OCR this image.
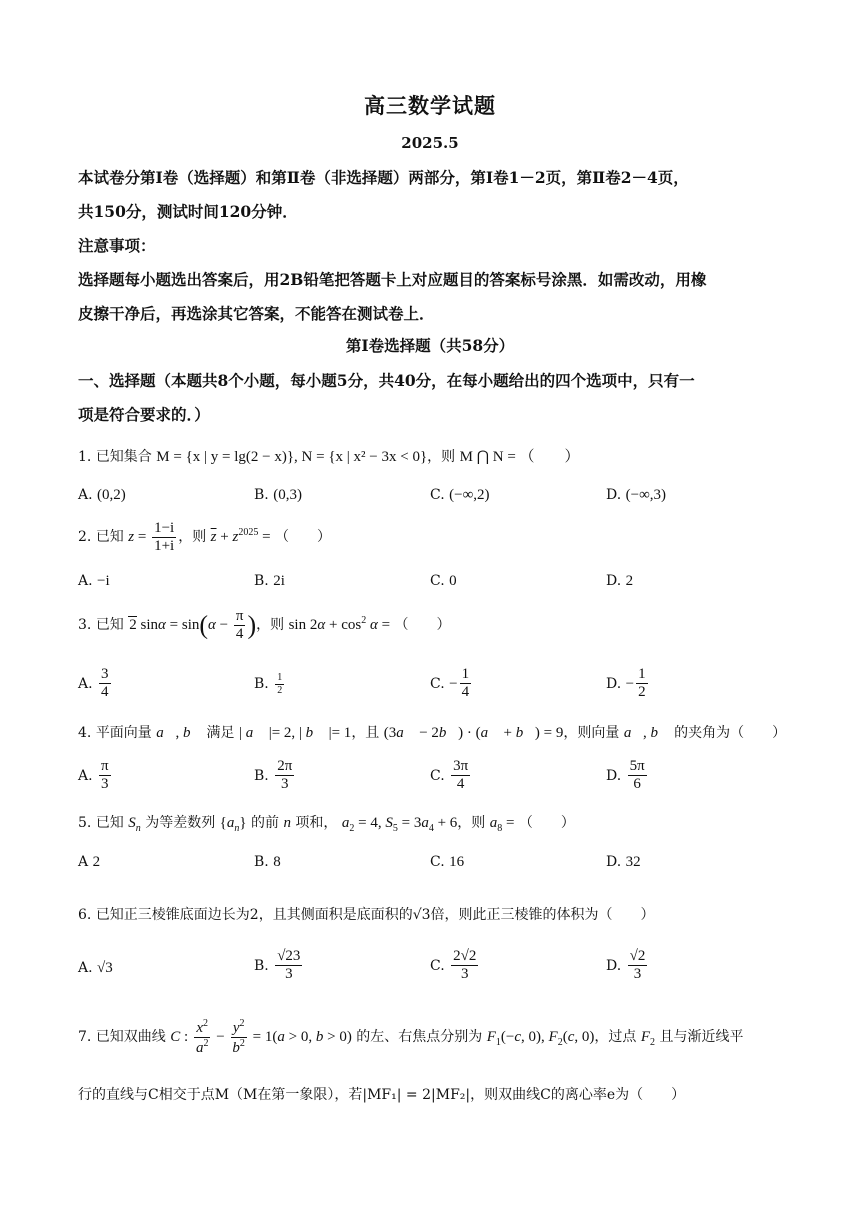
高三数学试题
2025.5
本试卷分第Ⅰ卷（选择题）和第Ⅱ卷（非选择题）两部分，第Ⅰ卷1－2页，第Ⅱ卷2－4页，
共150分，测试时间120分钟．
注意事项：
选择题每小题选出答案后，用2B铅笔把答题卡上对应题目的答案标号涂黑．如需改动，用橡
皮擦干净后，再选涂其它答案，不能答在测试卷上．
第Ⅰ卷选择题（共58分）
一、选择题（本题共8个小题，每小题5分，共40分，在每小题给出的四个选项中，只有一
项是符合要求的．）
1. 已知集合 M = {x | y = lg(2 − x)}, N = {x | x² − 3x < 0}，则 M ⋂ N = （　　）
A. (0,2)	B. (0,3)	C. (−∞,2)	D. (−∞,3)
2. 已知 $z = \frac{1-i}{1+i}$ ，则 $\overline{z} + z^{2025}$ = （　　）
A. −i	B. 2i	C. 0	D. 2
3. 已知 2 $\sin\alpha = \sin(\alpha - \frac{\pi}{4}$ )，则 $\sin 2\alpha + \cos^2 \alpha$ = （　　）
A. $\frac{3}{4}$	B. $\frac{1}{2}$	C. − $\frac{1}{4}$	D. − $\frac{1}{2}$
4. 平面向量 a⃗, b⃗ 满足 | a⃗ |= 2, | b⃗ |= 1，且 (3a⃗ − 2b⃗) · (a⃗ + b⃗) = 9，则向量 a⃗, b⃗ 的夹角为（　　）
A. $\frac{\pi}{3}$	B. $\frac{2\pi}{3}$	C. $\frac{3\pi}{4}$	D. $\frac{5\pi}{6}$
5. 已知 $S_n$ 为等差数列 $\{a_n\}$ 的前 n 项和， $a_2 = 4$, $S_5 = 3a_4 + 6$，则 $a_8$ = （　　）
A 2	B. 8	C. 16	D. 32
6. 已知正三棱锥底面边长为2，且其侧面积是底面积的√3倍，则此正三棱锥的体积为（　　）
A. √3	B. $\frac{√23}{3}$	C. $\frac{2√2}{3}$	D. $\frac{√2}{3}$
7. 已知双曲线 C : $\frac{x^2}{a^2} - \frac{y^2}{b^2} = 1(a > 0$, b > 0) 的左、右焦点分别为 $F_1(-c$, 0), $F_2(c$, 0)，过点 $F_2$ 且与渐近线平
行的直线与C相交于点M（M在第一象限），若|MF₁| = 2|MF₂|，则双曲线C的离心率e为（　　）
